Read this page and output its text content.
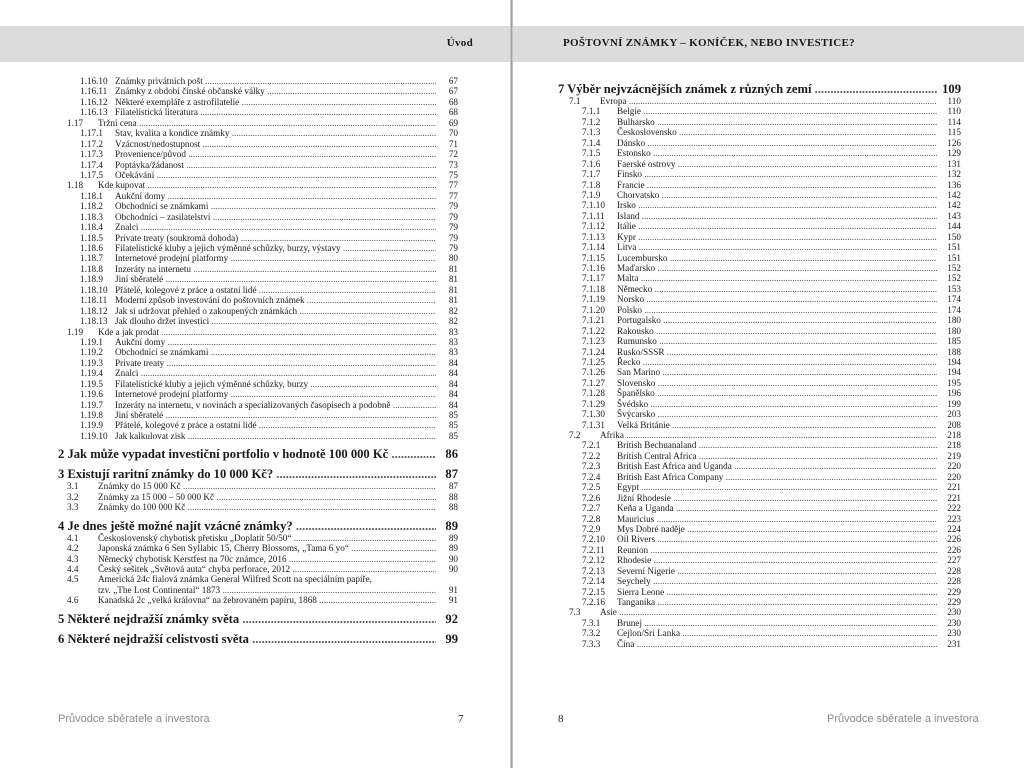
Úvod
1.16.10 Známky privátních pošt .....	67
1.16.11 Známky z období čínské občanské války .....	67
1.16.12 Některé exempláře z astrofilatelie .....	68
1.16.13 Filatelistická literatura .....	68
1.17 Tržní cena .....	69
1.17.1 Stav, kvalita a kondice známky .....	70
1.17.2 Vzácnost/nedostupnost .....	71
1.17.3 Provenience/původ .....	72
1.17.4 Poptávka/žádanost .....	73
1.17.5 Očekávání .....	75
1.18 Kde kupovat .....	77
1.18.1 Aukční domy .....	77
1.18.2 Obchodníci se známkami .....	79
1.18.3 Obchodníci – zasilatelství .....	79
1.18.4 Znalci .....	79
1.18.5 Private treaty (soukromá dohoda) .....	79
1.18.6 Filatelistické kluby a jejich výměnné schůzky, burzy, výstavy .....	79
1.18.7 Internetové prodejní platformy .....	80
1.18.8 Inzeráty na internetu .....	81
1.18.9 Jiní sběratelé .....	81
1.18.10 Přátelé, kolegové z práce a ostatní lidé .....	81
1.18.11 Moderní způsob investování do poštovních známek .....	81
1.18.12 Jak si udržovat přehled o zakoupených známkách .....	82
1.18.13 Jak dlouho držet investici .....	82
1.19 Kde a jak prodat .....	83
1.19.1 Aukční domy .....	83
1.19.2 Obchodníci se známkami .....	83
1.19.3 Private treaty .....	84
1.19.4 Znalci .....	84
1.19.5 Filatelistické kluby a jejich výměnné schůzky, burzy .....	84
1.19.6 Internetové prodejní platformy .....	84
1.19.7 Inzeráty na internetu, v novinách a specializovaných časopisech a podobně .....	84
1.19.8 Jiní sběratelé .....	85
1.19.9 Přátelé, kolegové z práce a ostatní lidé .....	85
1.19.10 Jak kalkulovat zisk .....	85
2 Jak může vypadat investiční portfolio v hodnotě 100 000 Kč .....	86
3 Existují raritní známky do 10 000 Kč? .....	87
3.1 Známky do 15 000 Kč .....	87
3.2 Známky za 15 000 – 50 000 Kč .....	88
3.3 Známky do 100 000 Kč .....	88
4 Je dnes ještě možné najít vzácné známky? .....	89
4.1 Československý chybotisk přetisku „Doplatit 50/50“ .....	89
4.2 Japonská známka 6 Sen Syllabic 15, Cherry Blossoms, „Tama 6 yo“ .....	89
4.3 Německý chybotisk Kerstfest na 70c známce, 2016 .....	90
4.4 Český sešitek „Světová auta“ chyba perforace, 2012 .....	90
4.5 Americká 24c fialová známka General Wilfred Scott na speciálním papíře,
tzv. „The Lost Continental“ 1873 .....	91
4.6 Kanadská 2c „velká královna“ na žebrovaném papíru, 1868 .....	91
5 Některé nejdražší známky světa .....	92
6 Některé nejdražší celistvosti světa .....	99
Průvodce sběratele a investora	7
POŠTOVNÍ ZNÁMKY – KONÍČEK, NEBO INVESTICE?
7 Výběr nejvzácnějších známek z různých zemí .....	109
7.1 Evropa .....	110
7.1.1 Belgie .....	110
7.1.2 Bulharsko .....	114
7.1.3 Československo .....	115
7.1.4 Dánsko .....	126
7.1.5 Estonsko .....	129
7.1.6 Faerské ostrovy .....	131
7.1.7 Finsko .....	132
7.1.8 Francie .....	136
7.1.9 Chorvatsko .....	142
7.1.10 Irsko .....	142
7.1.11 Island .....	143
7.1.12 Itálie .....	144
7.1.13 Kypr .....	150
7.1.14 Litva .....	151
7.1.15 Lucembursko .....	151
7.1.16 Maďarsko .....	152
7.1.17 Malta .....	152
7.1.18 Německo .....	153
7.1.19 Norsko .....	174
7.1.20 Polsko .....	174
7.1.21 Portugalsko .....	180
7.1.22 Rakousko .....	180
7.1.23 Rumunsko .....	185
7.1.24 Rusko/SSSR .....	188
7.1.25 Řecko .....	194
7.1.26 San Marino .....	194
7.1.27 Slovensko .....	195
7.1.28 Španělsko .....	196
7.1.29 Švédsko .....	199
7.1.30 Švýcarsko .....	203
7.1.31 Velká Británie .....	208
7.2 Afrika .....	218
7.2.1 British Bechuanaland .....	218
7.2.2 British Central Africa .....	219
7.2.3 British East Africa and Uganda .....	220
7.2.4 British East Africa Company .....	220
7.2.5 Egypt .....	221
7.2.6 Jižní Rhodesie .....	221
7.2.7 Keňa a Uganda .....	222
7.2.8 Mauricius .....	223
7.2.9 Mys Dobré naděje .....	224
7.2.10 Oil Rivers .....	226
7.2.11 Reunion .....	226
7.2.12 Rhodesie .....	227
7.2.13 Severní Nigerie .....	228
7.2.14 Seychely .....	228
7.2.15 Sierra Leone .....	229
7.2.16 Tanganika .....	229
7.3 Asie .....	230
7.3.1 Brunej .....	230
7.3.2 Cejlon/Srí Lanka .....	230
7.3.3 Čína .....	231
8	Průvodce sběratele a investora
